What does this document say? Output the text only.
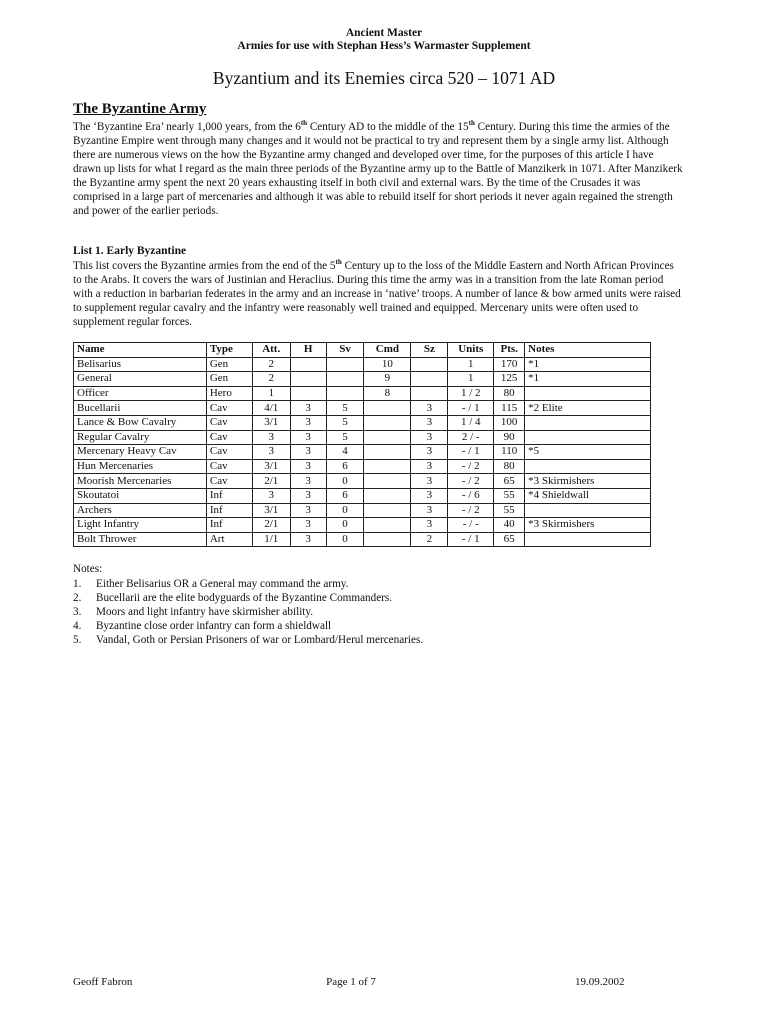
Ancient Master
Armies for use with Stephan Hess’s Warmaster Supplement
Byzantium and its Enemies circa 520 – 1071 AD
The Byzantine Army
The ‘Byzantine Era’ nearly 1,000 years, from the 6th Century AD to the middle of the 15th Century. During this time the armies of the Byzantine Empire went through many changes and it would not be practical to try and represent them by a single army list. Although there are numerous views on the how the Byzantine army changed and developed over time, for the purposes of this article I have drawn up lists for what I regard as the main three periods of the Byzantine army up to the Battle of Manzikerk in 1071. After Manzikerk the Byzantine army spent the next 20 years exhausting itself in both civil and external wars. By the time of the Crusades it was comprised in a large part of mercenaries and although it was able to rebuild itself for short periods it never again regained the strength and power of the earlier periods.
List 1. Early Byzantine
This list covers the Byzantine armies from the end of the 5th Century up to the loss of the Middle Eastern and North African Provinces to the Arabs. It covers the wars of Justinian and Heraclius. During this time the army was in a transition from the late Roman period with a reduction in barbarian federates in the army and an increase in ‘native’ troops. A number of lance & bow armed units were raised to supplement regular cavalry and the infantry were reasonably well trained and equipped. Mercenary units were often used to supplement regular forces.
Name	Type	Att.	H	Sv	Cmd	Sz	Units	Pts.	Notes
Belisarius	Gen	2			10		1	170	*1
General	Gen	2			9		1	125	*1
Officer	Hero	1			8		1 / 2	80	
Bucellarii	Cav	4/1	3	5		3	- / 1	115	*2 Elite
Lance & Bow Cavalry	Cav	3/1	3	5		3	1 / 4	100	
Regular Cavalry	Cav	3	3	5		3	2 / -	90	
Mercenary Heavy Cav	Cav	3	3	4		3	- / 1	110	*5
Hun Mercenaries	Cav	3/1	3	6		3	- / 2	80	
Moorish Mercenaries	Cav	2/1	3	0		3	- / 2	65	*3 Skirmishers
Skoutatoi	Inf	3	3	6		3	- / 6	55	*4 Shieldwall
Archers	Inf	3/1	3	0		3	- / 2	55	
Light Infantry	Inf	2/1	3	0		3	- / -	40	*3 Skirmishers
Bolt Thrower	Art	1/1	3	0		2	- / 1	65	
Notes:
1.	Either Belisarius OR a General may command the army.
2.	Bucellarii are the elite bodyguards of the Byzantine Commanders.
3.	Moors and light infantry have skirmisher ability.
4.	Byzantine close order infantry can form a shieldwall
5.	Vandal, Goth or Persian Prisoners of war or Lombard/Herul mercenaries.
Geoff Fabron	Page 1 of 7	19.09.2002
